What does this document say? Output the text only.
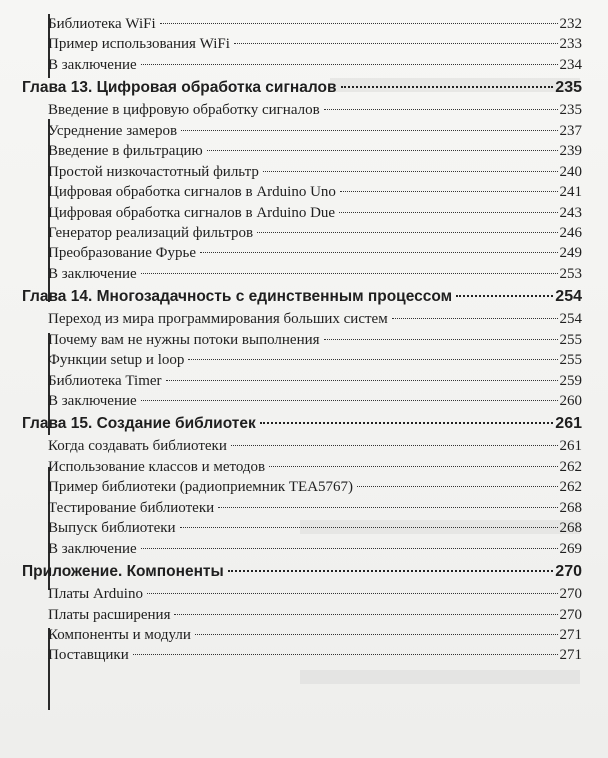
Библиотека WiFi	232
Пример использования WiFi	233
В заключение	234
Глава 13. Цифровая обработка сигналов	235
Введение в цифровую обработку сигналов	235
Усреднение замеров	237
Введение в фильтрацию	239
Простой низкочастотный фильтр	240
Цифровая обработка сигналов в Arduino Uno	241
Цифровая обработка сигналов в Arduino Due	243
Генератор реализаций фильтров	246
Преобразование Фурье	249
В заключение	253
Глава 14. Многозадачность с единственным процессом	254
Переход из мира программирования больших систем	254
Почему вам не нужны потоки выполнения	255
Функции setup и loop	255
Библиотека Timer	259
В заключение	260
Глава 15. Создание библиотек	261
Когда создавать библиотеки	261
Использование классов и методов	262
Пример библиотеки (радиоприемник TEA5767)	262
Тестирование библиотеки	268
Выпуск библиотеки	268
В заключение	269
Приложение. Компоненты	270
Платы Arduino	270
Платы расширения	270
Компоненты и модули	271
Поставщики	271
